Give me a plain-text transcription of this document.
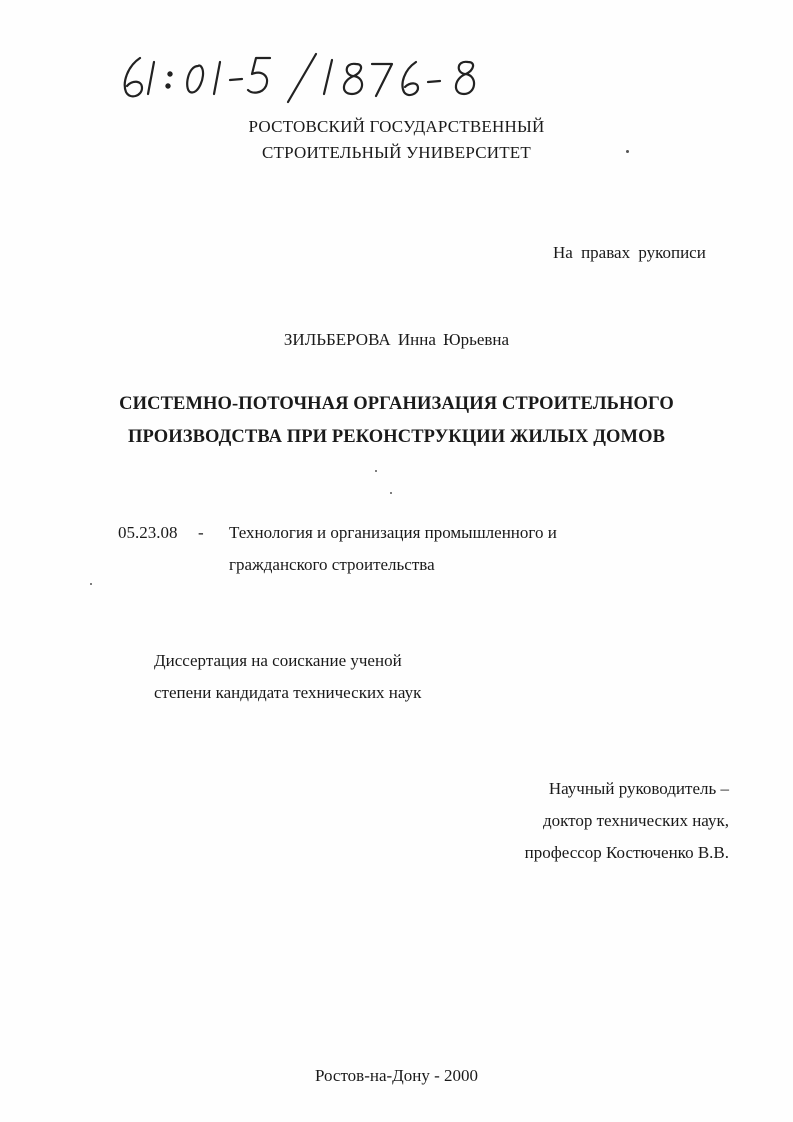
РОСТОВСКИЙ ГОСУДАРСТВЕННЫЙ
СТРОИТЕЛЬНЫЙ УНИВЕРСИТЕТ
На правах рукописи
ЗИЛЬБЕРОВА Инна Юрьевна
СИСТЕМНО-ПОТОЧНАЯ ОРГАНИЗАЦИЯ СТРОИТЕЛЬНОГО
ПРОИЗВОДСТВА ПРИ РЕКОНСТРУКЦИИ ЖИЛЫХ ДОМОВ
05.23.08 - Технология и организация промышленного и
гражданского строительства
Диссертация на соискание ученой
степени кандидата технических наук
Научный руководитель –
доктор технических наук,
профессор Костюченко В.В.
Ростов-на-Дону - 2000
